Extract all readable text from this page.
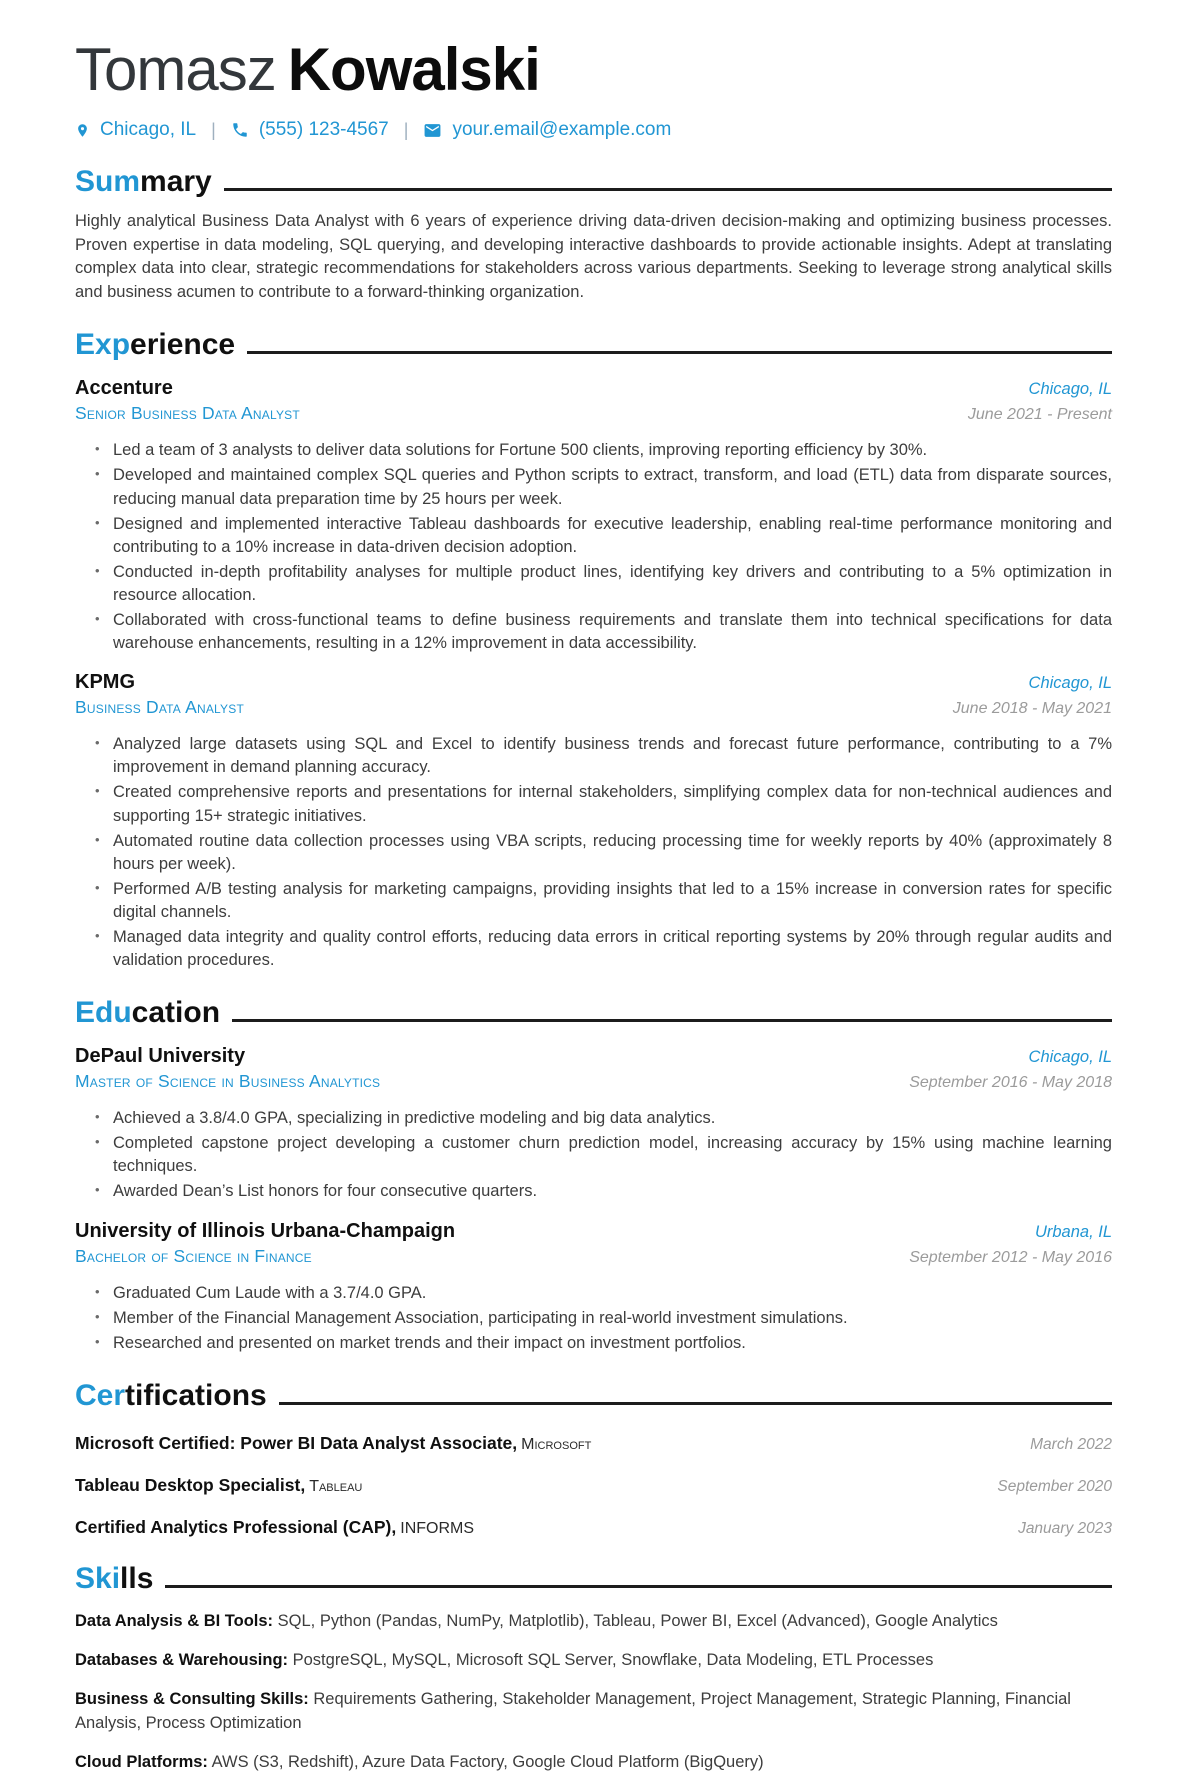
Tomasz Kowalski
Chicago, IL | (555) 123-4567 | your.email@example.com
Sum mary

Highly analytical Business Data Analyst with 6 years of experience driving data-driven decision-making and optimizing business processes. Proven expertise in data modeling, SQL querying, and developing interactive dashboards to provide actionable insights. Adept at translating complex data into clear, strategic recommendations for stakeholders across various departments. Seeking to leverage strong analytical skills and business acumen to contribute to a forward-thinking organization.

Exp erience
Accenture	Chicago, IL
Senior Business Data Analyst	June 2021 - Present
• Led a team of 3 analysts to deliver data solutions for Fortune 500 clients, improving reporting efficiency by 30%.
• Developed and maintained complex SQL queries and Python scripts to extract, transform, and load (ETL) data from disparate sources, reducing manual data preparation time by 25 hours per week.
• Designed and implemented interactive Tableau dashboards for executive leadership, enabling real-time performance monitoring and contributing to a 10% increase in data-driven decision adoption.
• Conducted in-depth profitability analyses for multiple product lines, identifying key drivers and contributing to a 5% optimization in resource allocation.
• Collaborated with cross-functional teams to define business requirements and translate them into technical specifications for data warehouse enhancements, resulting in a 12% improvement in data accessibility.
KPMG	Chicago, IL
Business Data Analyst	June 2018 - May 2021
• Analyzed large datasets using SQL and Excel to identify business trends and forecast future performance, contributing to a 7% improvement in demand planning accuracy.
• Created comprehensive reports and presentations for internal stakeholders, simplifying complex data for non-technical audiences and supporting 15+ strategic initiatives.
• Automated routine data collection processes using VBA scripts, reducing processing time for weekly reports by 40% (approximately 8 hours per week).
• Performed A/B testing analysis for marketing campaigns, providing insights that led to a 15% increase in conversion rates for specific digital channels.
• Managed data integrity and quality control efforts, reducing data errors in critical reporting systems by 20% through regular audits and validation procedures.
Edu cation
DePaul University	Chicago, IL
Master of Science in Business Analytics	September 2016 - May 2018
• Achieved a 3.8/4.0 GPA, specializing in predictive modeling and big data analytics.
• Completed capstone project developing a customer churn prediction model, increasing accuracy by 15% using machine learning techniques.
• Awarded Dean’s List honors for four consecutive quarters.
University of Illinois Urbana-Champaign	Urbana, IL
Bachelor of Science in Finance	September 2012 - May 2016
• Graduated Cum Laude with a 3.7/4.0 GPA.
• Member of the Financial Management Association, participating in real-world investment simulations.
• Researched and presented on market trends and their impact on investment portfolios.
Cer tifications
Microsoft Certified: Power BI Data Analyst Associate, Microsoft	March 2022
Tableau Desktop Specialist, Tableau	September 2020
Certified Analytics Professional (CAP), INFORMS	January 2023
Ski lls

Data Analysis & BI Tools: SQL, Python (Pandas, NumPy, Matplotlib), Tableau, Power BI, Excel (Advanced), Google Analytics

Databases & Warehousing: PostgreSQL, MySQL, Microsoft SQL Server, Snowflake, Data Modeling, ETL Processes

Business & Consulting Skills: Requirements Gathering, Stakeholder Management, Project Management, Strategic Planning, Financial Analysis, Process Optimization

Cloud Platforms: AWS (S3, Redshift), Azure Data Factory, Google Cloud Platform (BigQuery)
